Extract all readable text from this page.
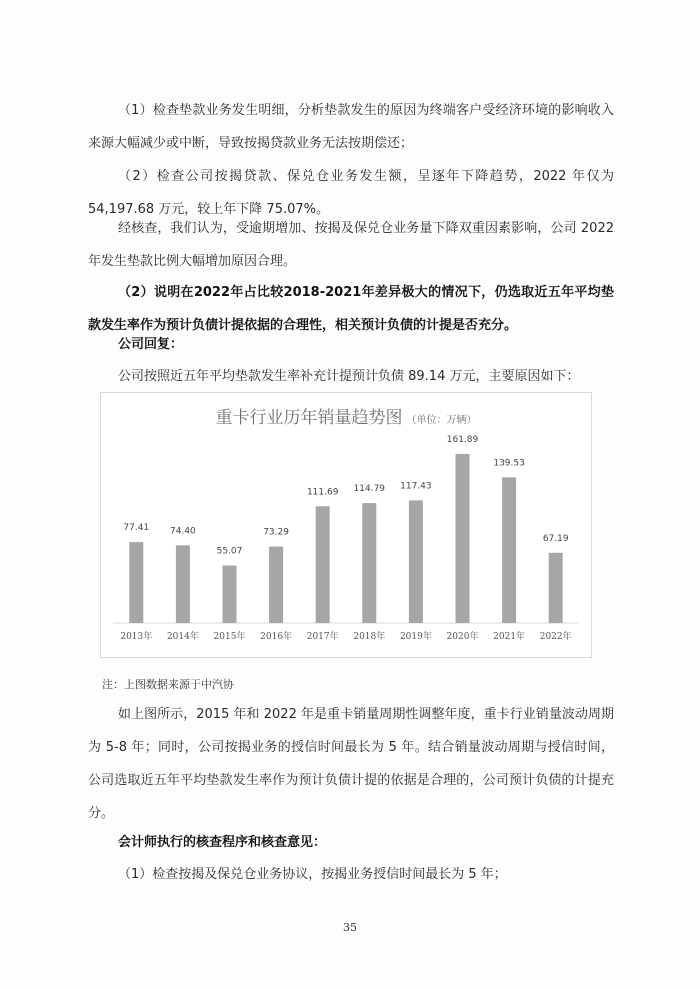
（1）检查垫款业务发生明细，分析垫款发生的原因为终端客户受经济环境的影响收入来源大幅减少或中断，导致按揭贷款业务无法按期偿还；

（2）检查公司按揭贷款、保兑仓业务发生额，呈逐年下降趋势，2022 年仅为 54,197.68 万元，较上年下降 75.07%。

经核查，我们认为，受逾期增加、按揭及保兑仓业务量下降双重因素影响，公司 2022 年发生垫款比例大幅增加原因合理。

（2）说明在2022年占比较2018-2021年差异极大的情况下，仍选取近五年平均垫款发生率作为预计负债计提依据的合理性，相关预计负债的计提是否充分。

公司回复：

公司按照近五年平均垫款发生率补充计提预计负债 89.14 万元，主要原因如下：

重卡行业历年销量趋势图 （单位：万辆）
77.41 74.40
55.07
73.29
111.69 114.79 117.43
161.89
139.53
67.19
2013年 2014年 2015年 2016年 2017年 2018年 2019年 2020年 2021年 2022年
注：上图数据来源于中汽协

如上图所示，2015 年和 2022 年是重卡销量周期性调整年度，重卡行业销量波动周期为 5-8 年；同时，公司按揭业务的授信时间最长为 5 年。结合销量波动周期与授信时间，公司选取近五年平均垫款发生率作为预计负债计提的依据是合理的，公司预计负债的计提充分。

会计师执行的核查程序和核查意见：

（1）检查按揭及保兑仓业务协议，按揭业务授信时间最长为 5 年；

35
